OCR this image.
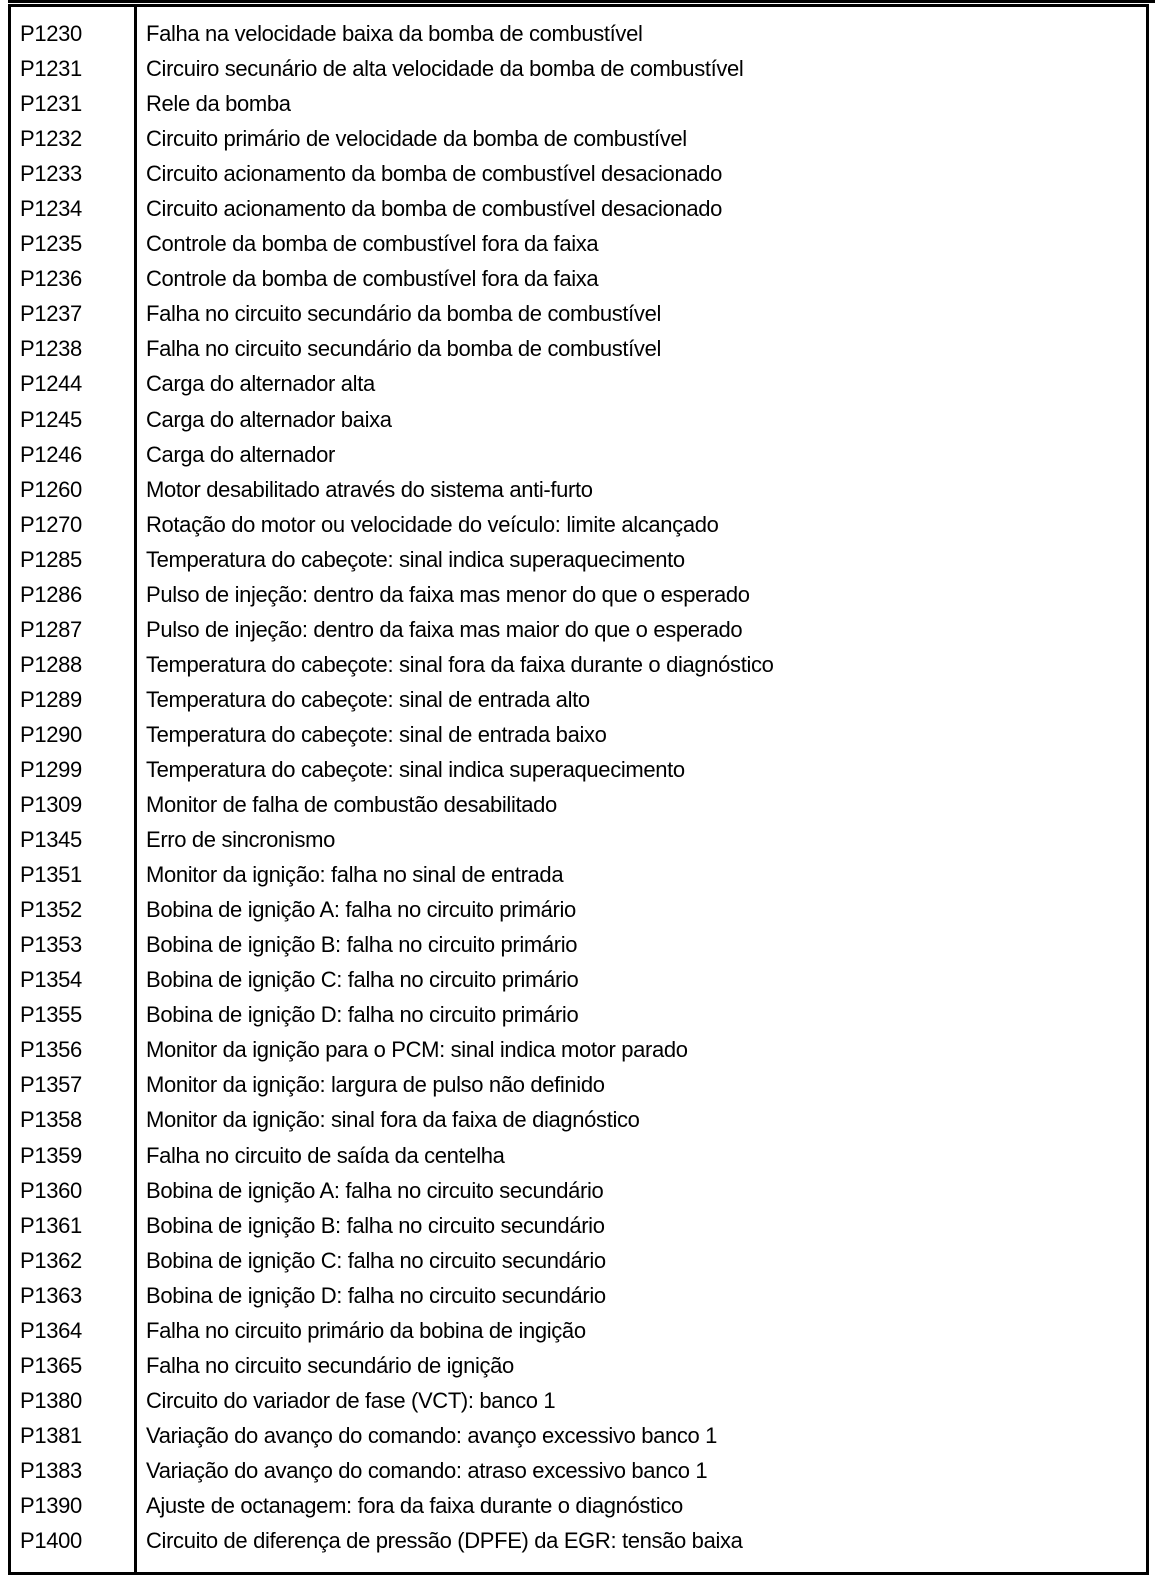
P1230	Falha na velocidade baixa da bomba de combustível
P1231	Circuiro secunário de alta velocidade da bomba de combustível
P1231	Rele da bomba
P1232	Circuito primário de velocidade da bomba de combustível
P1233	Circuito acionamento da bomba de combustível desacionado
P1234	Circuito acionamento da bomba de combustível desacionado
P1235	Controle da bomba de combustível fora da faixa
P1236	Controle da bomba de combustível fora da faixa
P1237	Falha no circuito secundário da bomba de combustível
P1238	Falha no circuito secundário da bomba de combustível
P1244	Carga do alternador alta
P1245	Carga do alternador baixa
P1246	Carga do alternador
P1260	Motor desabilitado através do sistema anti-furto
P1270	Rotação do motor ou velocidade do veículo: limite alcançado
P1285	Temperatura do cabeçote: sinal indica superaquecimento
P1286	Pulso de injeção: dentro da faixa mas menor do que o esperado
P1287	Pulso de injeção: dentro da faixa mas maior do que o esperado
P1288	Temperatura do cabeçote: sinal fora da faixa durante o diagnóstico
P1289	Temperatura do cabeçote: sinal de entrada alto
P1290	Temperatura do cabeçote: sinal de entrada baixo
P1299	Temperatura do cabeçote: sinal indica superaquecimento
P1309	Monitor de falha de combustão desabilitado
P1345	Erro de sincronismo
P1351	Monitor da ignição: falha no sinal de entrada
P1352	Bobina de ignição A: falha no circuito primário
P1353	Bobina de ignição B: falha no circuito primário
P1354	Bobina de ignição C: falha no circuito primário
P1355	Bobina de ignição D: falha no circuito primário
P1356	Monitor da ignição para o PCM: sinal indica motor parado
P1357	Monitor da ignição: largura de pulso não definido
P1358	Monitor da ignição: sinal fora da faixa de diagnóstico
P1359	Falha no circuito de saída da centelha
P1360	Bobina de ignição A: falha no circuito secundário
P1361	Bobina de ignição B: falha no circuito secundário
P1362	Bobina de ignição C: falha no circuito secundário
P1363	Bobina de ignição D: falha no circuito secundário
P1364	Falha no circuito primário da bobina de ingição
P1365	Falha no circuito secundário de ignição
P1380	Circuito do variador de fase (VCT): banco 1
P1381	Variação do avanço do comando: avanço excessivo banco 1
P1383	Variação do avanço do comando: atraso excessivo banco 1
P1390	Ajuste de octanagem: fora da faixa durante o diagnóstico
P1400	Circuito de diferença de pressão (DPFE) da EGR: tensão baixa
